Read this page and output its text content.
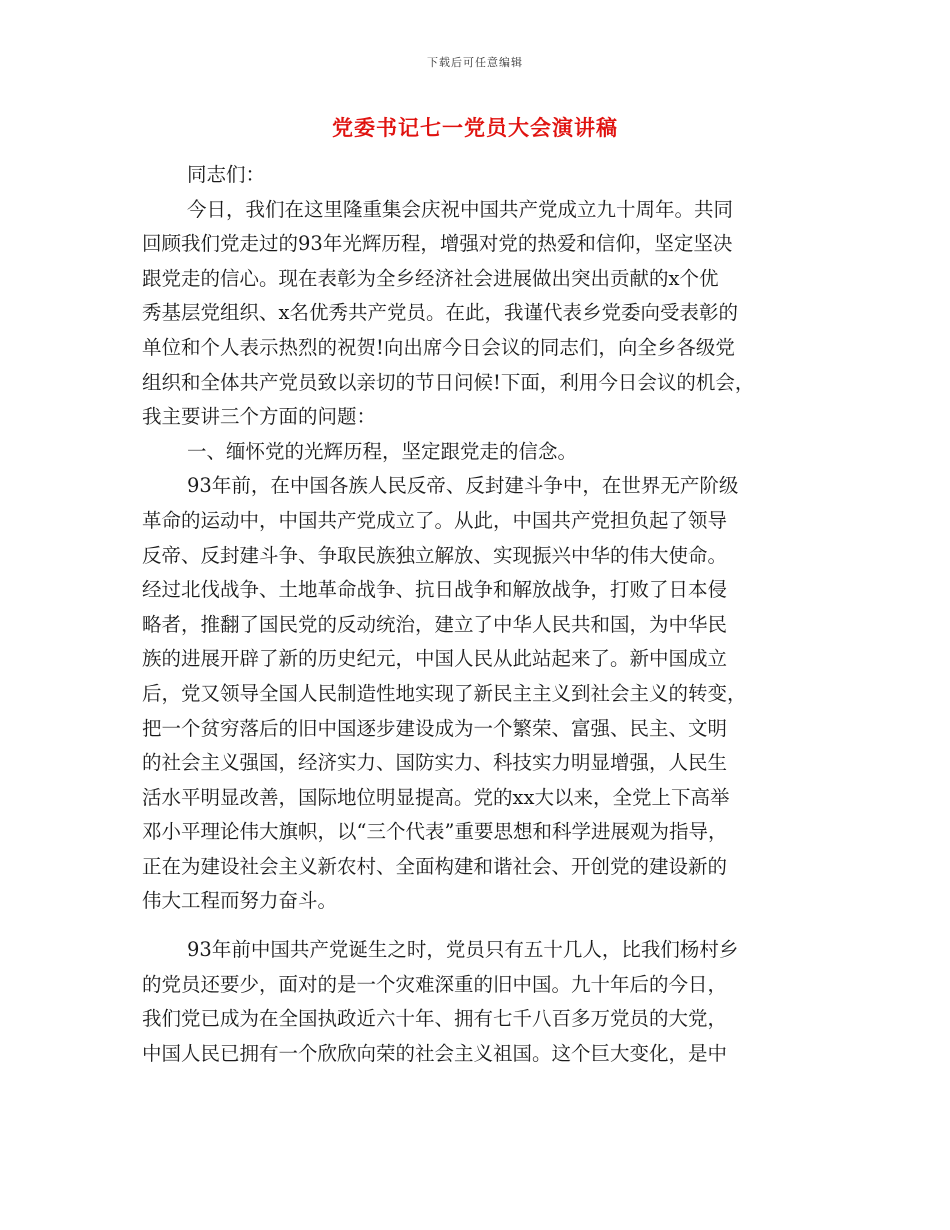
下载后可任意编辑
党委书记七一党员大会演讲稿
同志们：
今日，我们在这里隆重集会庆祝中国共产党成立九十周年。共同
回顾我们党走过的93年光辉历程，增强对党的热爱和信仰，坚定坚决
跟党走的信心。现在表彰为全乡经济社会进展做出突出贡献的x个优
秀基层党组织、x名优秀共产党员。在此，我谨代表乡党委向受表彰的
单位和个人表示热烈的祝贺!向出席今日会议的同志们，向全乡各级党
组织和全体共产党员致以亲切的节日问候!下面，利用今日会议的机会，
我主要讲三个方面的问题：
一、缅怀党的光辉历程，坚定跟党走的信念。
93年前，在中国各族人民反帝、反封建斗争中，在世界无产阶级
革命的运动中，中国共产党成立了。从此，中国共产党担负起了领导
反帝、反封建斗争、争取民族独立解放、实现振兴中华的伟大使命。
经过北伐战争、土地革命战争、抗日战争和解放战争，打败了日本侵
略者，推翻了国民党的反动统治，建立了中华人民共和国，为中华民
族的进展开辟了新的历史纪元，中国人民从此站起来了。新中国成立
后，党又领导全国人民制造性地实现了新民主主义到社会主义的转变，
把一个贫穷落后的旧中国逐步建设成为一个繁荣、富强、民主、文明
的社会主义强国，经济实力、国防实力、科技实力明显增强，人民生
活水平明显改善，国际地位明显提高。党的xx大以来，全党上下高举
邓小平理论伟大旗帜，以“三个代表”重要思想和科学进展观为指导，
正在为建设社会主义新农村、全面构建和谐社会、开创党的建设新的
伟大工程而努力奋斗。
93年前中国共产党诞生之时，党员只有五十几人，比我们杨村乡
的党员还要少，面对的是一个灾难深重的旧中国。九十年后的今日，
我们党已成为在全国执政近六十年、拥有七千八百多万党员的大党，
中国人民已拥有一个欣欣向荣的社会主义祖国。这个巨大变化，是中
